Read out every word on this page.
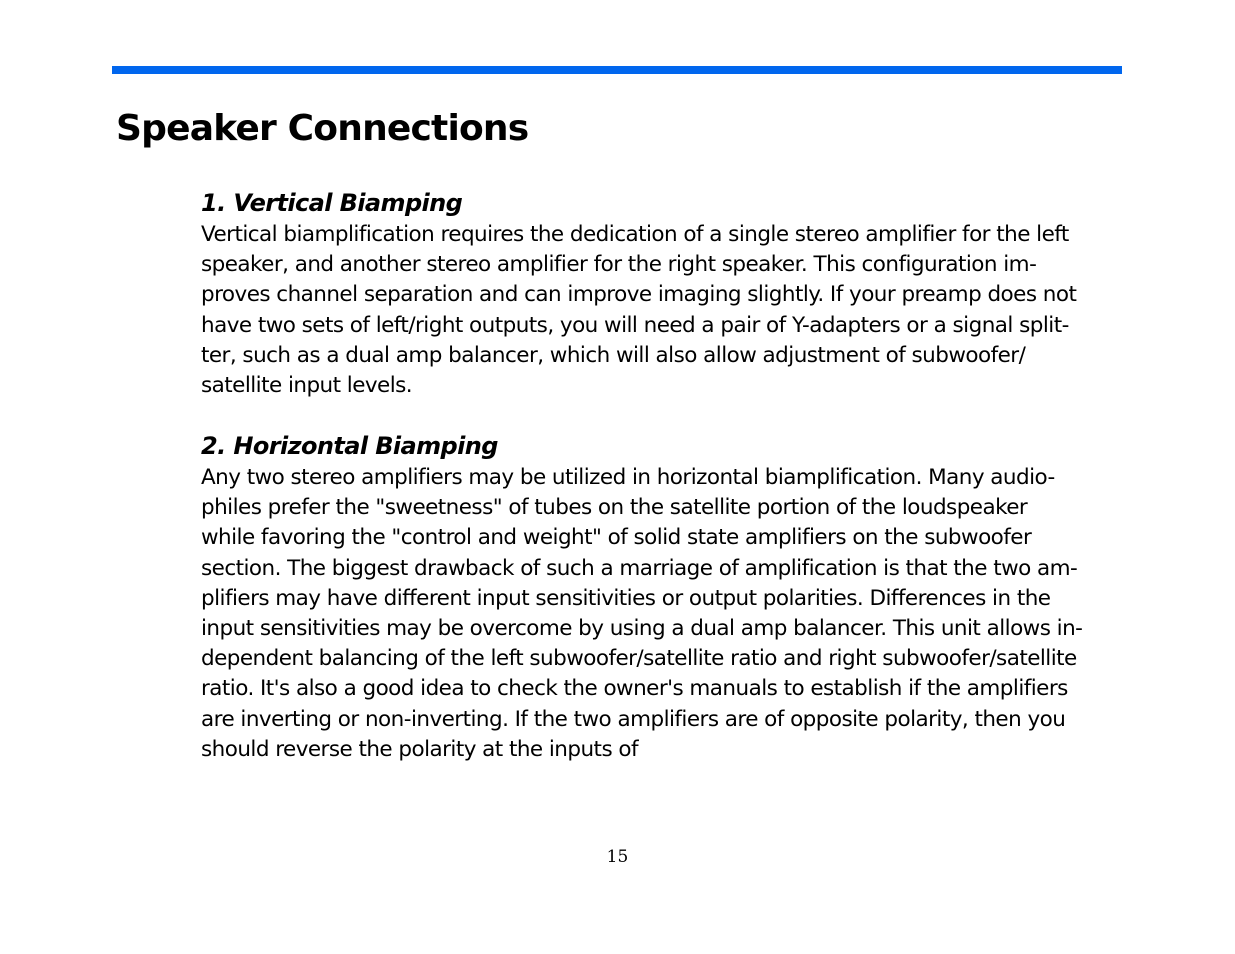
Speaker Connections
1. Vertical Biamping
Vertical biamplification requires the dedication of a single stereo amplifier for the left
speaker, and another stereo amplifier for the right speaker. This configuration im-
proves channel separation and can improve imaging slightly. If your preamp does not
have two sets of left/right outputs, you will need a pair of Y-adapters or a signal split-
ter, such as a dual amp balancer, which will also allow adjustment of subwoofer/
satellite input levels.
2. Horizontal Biamping
Any two stereo amplifiers may be utilized in horizontal biamplification. Many audio-
philes prefer the "sweetness" of tubes on the satellite portion of the loudspeaker
while favoring the "control and weight" of solid state amplifiers on the subwoofer
section. The biggest drawback of such a marriage of amplification is that the two am-
plifiers may have different input sensitivities or output polarities. Differences in the
input sensitivities may be overcome by using a dual amp balancer. This unit allows in-
dependent balancing of the left subwoofer/satellite ratio and right subwoofer/satellite
ratio. It's also a good idea to check the owner's manuals to establish if the amplifiers
are inverting or non-inverting. If the two amplifiers are of opposite polarity, then you
should reverse the polarity at the inputs of
15
